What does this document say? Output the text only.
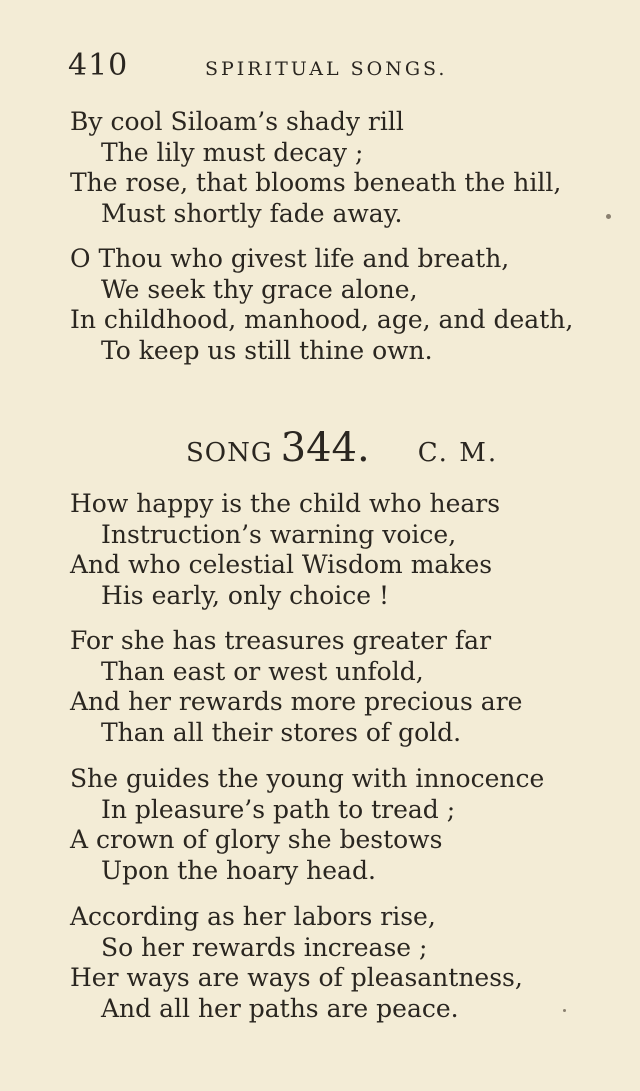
410	SPIRITUAL SONGS.
By cool Siloam’s shady rill
The lily must decay ;
The rose, that blooms beneath the hill,
Must shortly fade away.
O Thou who givest life and breath,
We seek thy grace alone,
In childhood, manhood, age, and death,
To keep us still thine own.
SONG 344. C. M.
How happy is the child who hears
Instruction’s warning voice,
And who celestial Wisdom makes
His early, only choice !
For she has treasures greater far
Than east or west unfold,
And her rewards more precious are
Than all their stores of gold.
She guides the young with innocence
In pleasure’s path to tread ;
A crown of glory she bestows
Upon the hoary head.
According as her labors rise,
So her rewards increase ;
Her ways are ways of pleasantness,
And all her paths are peace.
